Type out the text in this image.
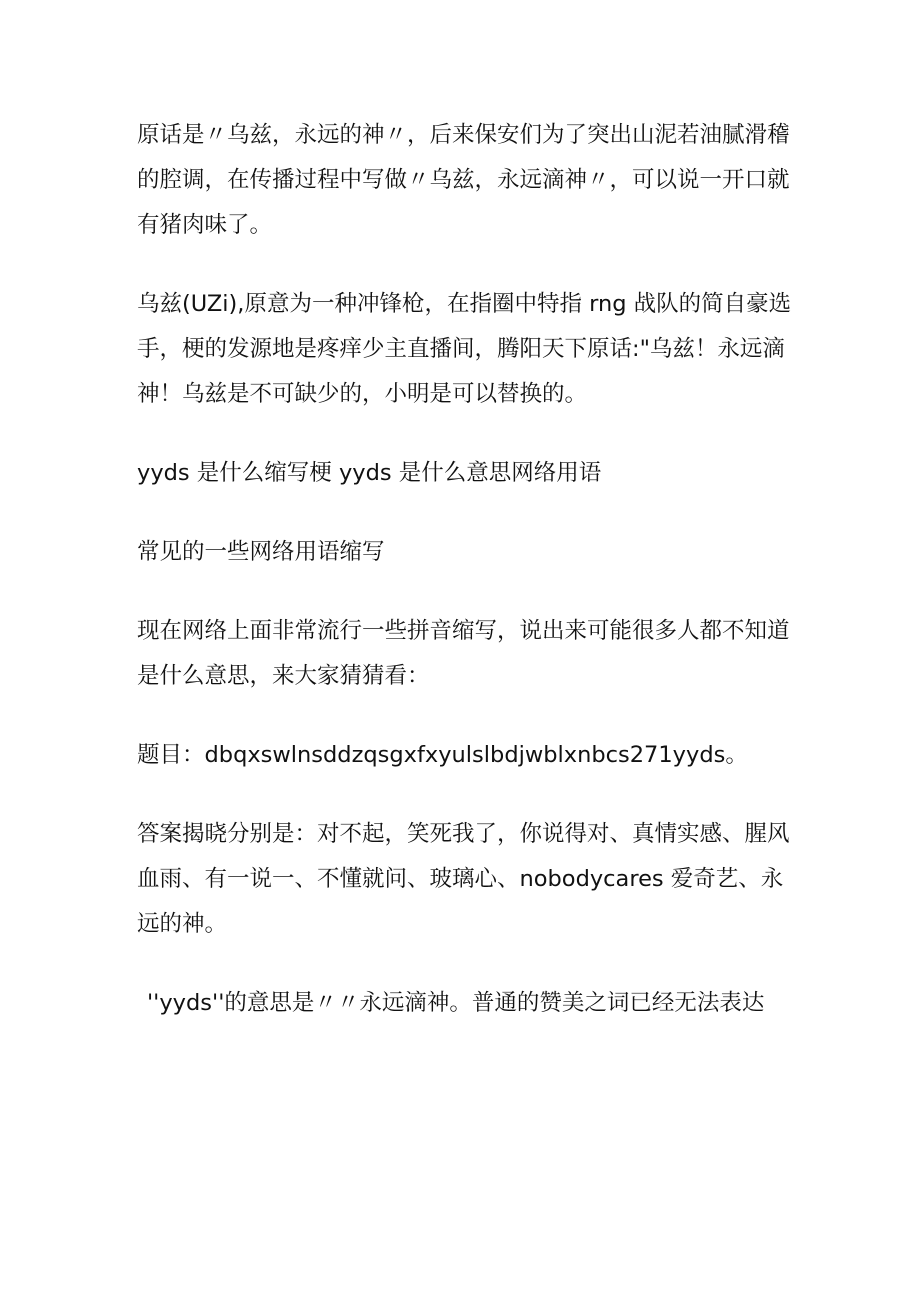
原话是〃乌兹，永远的神〃，后来保安们为了突出山泥若油腻滑稽的腔调，在传播过程中写做〃乌兹，永远滴神〃，可以说一开口就有猪肉味了。

乌兹(UZi),原意为一种冲锋枪，在指圈中特指 rng 战队的简自豪选手，梗的发源地是疼痒少主直播间，腾阳天下原话:"乌兹！永远滴神！乌兹是不可缺少的，小明是可以替换的。

yyds 是什么缩写梗 yyds 是什么意思网络用语

常见的一些网络用语缩写

现在网络上面非常流行一些拼音缩写，说出来可能很多人都不知道是什么意思，来大家猜猜看：

题目：dbqxswlnsddzqsgxfxyulslbdjwblxnbcs271yyds。

答案揭晓分别是：对不起，笑死我了，你说得对、真情实感、腥风血雨、有一说一、不懂就问、玻璃心、nobodycares 爱奇艺、永远的神。

''yyds''的意思是〃〃永远滴神。普通的赞美之词已经无法表达
